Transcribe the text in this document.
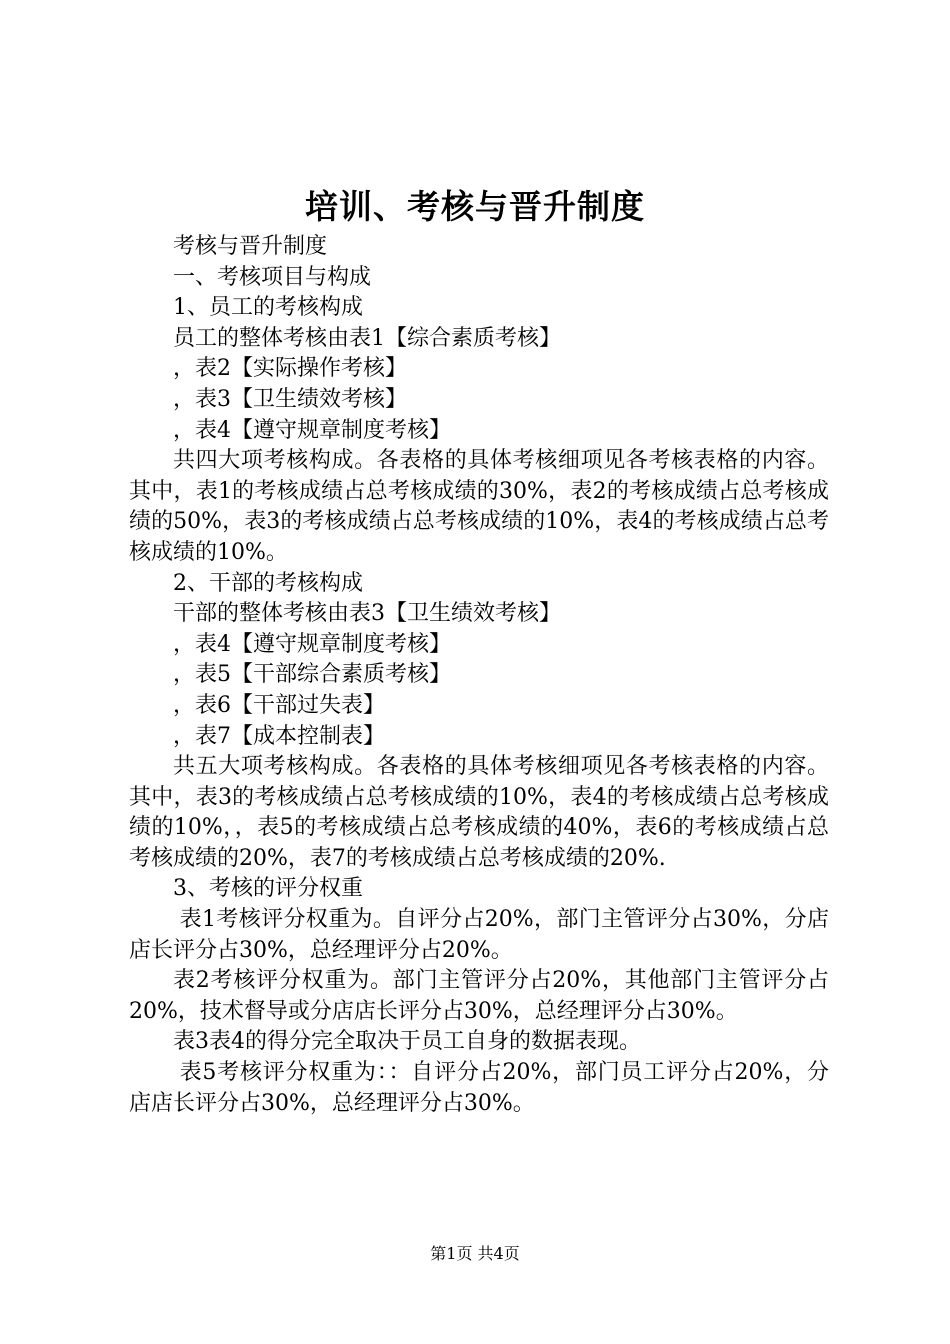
培训、考核与晋升制度

考核与晋升制度

一、考核项目与构成

1、员工的考核构成

员工的整体考核由表1【综合素质考核】

，表2【实际操作考核】

，表3【卫生绩效考核】

，表4【遵守规章制度考核】

共四大项考核构成。各表格的具体考核细项见各考核表格的内容。其中，表1的考核成绩占总考核成绩的30%，表2的考核成绩占总考核成绩的50%，表3的考核成绩占总考核成绩的10%，表4的考核成绩占总考核成绩的10%。

2、干部的考核构成

干部的整体考核由表3【卫生绩效考核】

，表4【遵守规章制度考核】

，表5【干部综合素质考核】

，表6【干部过失表】

，表7【成本控制表】

共五大项考核构成。各表格的具体考核细项见各考核表格的内容。其中，表3的考核成绩占总考核成绩的10%，表4的考核成绩占总考核成绩的10%，，表5的考核成绩占总考核成绩的40%，表6的考核成绩占总考核成绩的20%，表7的考核成绩占总考核成绩的20%.

3、考核的评分权重

表1考核评分权重为。自评分占20%，部门主管评分占30%，分店店长评分占30%，总经理评分占20%。

表2考核评分权重为。部门主管评分占20%，其他部门主管评分占20%，技术督导或分店店长评分占30%，总经理评分占30%。

表3表4的得分完全取决于员工自身的数据表现。

表5考核评分权重为：：自评分占20%，部门员工评分占20%，分店店长评分占30%，总经理评分占30%。

第1页 共4页
